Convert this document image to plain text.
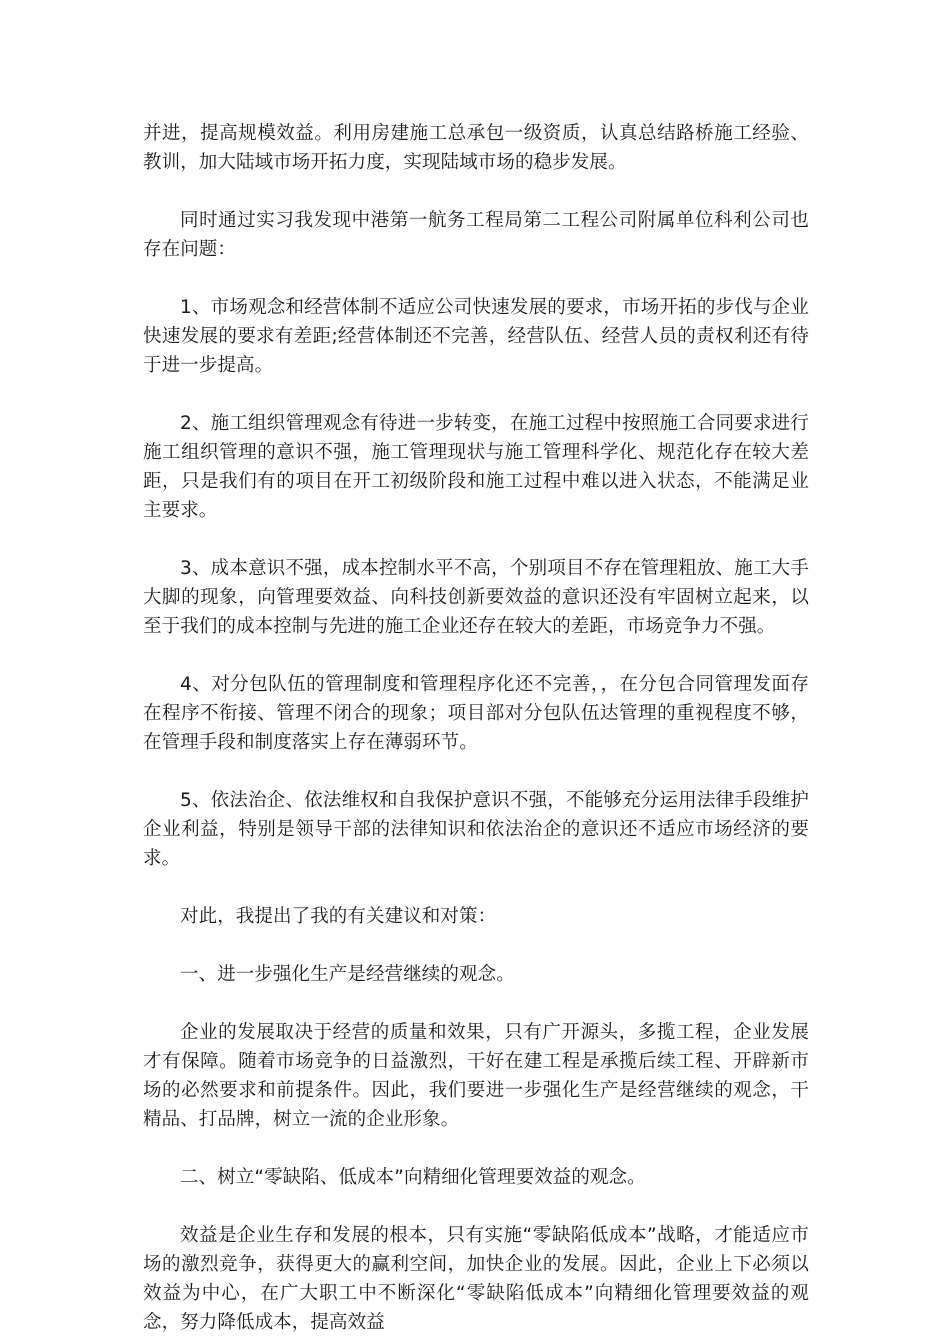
并进，提高规模效益。利用房建施工总承包一级资质，认真总结路桥施工经验、教训，加大陆域市场开拓力度，实现陆域市场的稳步发展。

同时通过实习我发现中港第一航务工程局第二工程公司附属单位科利公司也存在问题：

1、市场观念和经营体制不适应公司快速发展的要求，市场开拓的步伐与企业快速发展的要求有差距;经营体制还不完善，经营队伍、经营人员的责权利还有待于进一步提高。

2、施工组织管理观念有待进一步转变，在施工过程中按照施工合同要求进行施工组织管理的意识不强，施工管理现状与施工管理科学化、规范化存在较大差距，只是我们有的项目在开工初级阶段和施工过程中难以进入状态，不能满足业主要求。

3、成本意识不强，成本控制水平不高，个别项目不存在管理粗放、施工大手大脚的现象，向管理要效益、向科技创新要效益的意识还没有牢固树立起来，以至于我们的成本控制与先进的施工企业还存在较大的差距，市场竞争力不强。

4、对分包队伍的管理制度和管理程序化还不完善，，在分包合同管理发面存在程序不衔接、管理不闭合的现象；项目部对分包队伍达管理的重视程度不够，在管理手段和制度落实上存在薄弱环节。

5、依法治企、依法维权和自我保护意识不强，不能够充分运用法律手段维护企业利益，特别是领导干部的法律知识和依法治企的意识还不适应市场经济的要求。

对此，我提出了我的有关建议和对策：

一、进一步强化生产是经营继续的观念。

企业的发展取决于经营的质量和效果，只有广开源头，多揽工程，企业发展才有保障。随着市场竞争的日益激烈，干好在建工程是承揽后续工程、开辟新市场的必然要求和前提条件。因此，我们要进一步强化生产是经营继续的观念，干精品、打品牌，树立一流的企业形象。

二、树立“零缺陷、低成本”向精细化管理要效益的观念。

效益是企业生存和发展的根本，只有实施“零缺陷低成本”战略，才能适应市场的激烈竞争，获得更大的赢利空间，加快企业的发展。因此，企业上下必须以效益为中心，在广大职工中不断深化“零缺陷低成本”向精细化管理要效益的观念，努力降低成本，提高效益
